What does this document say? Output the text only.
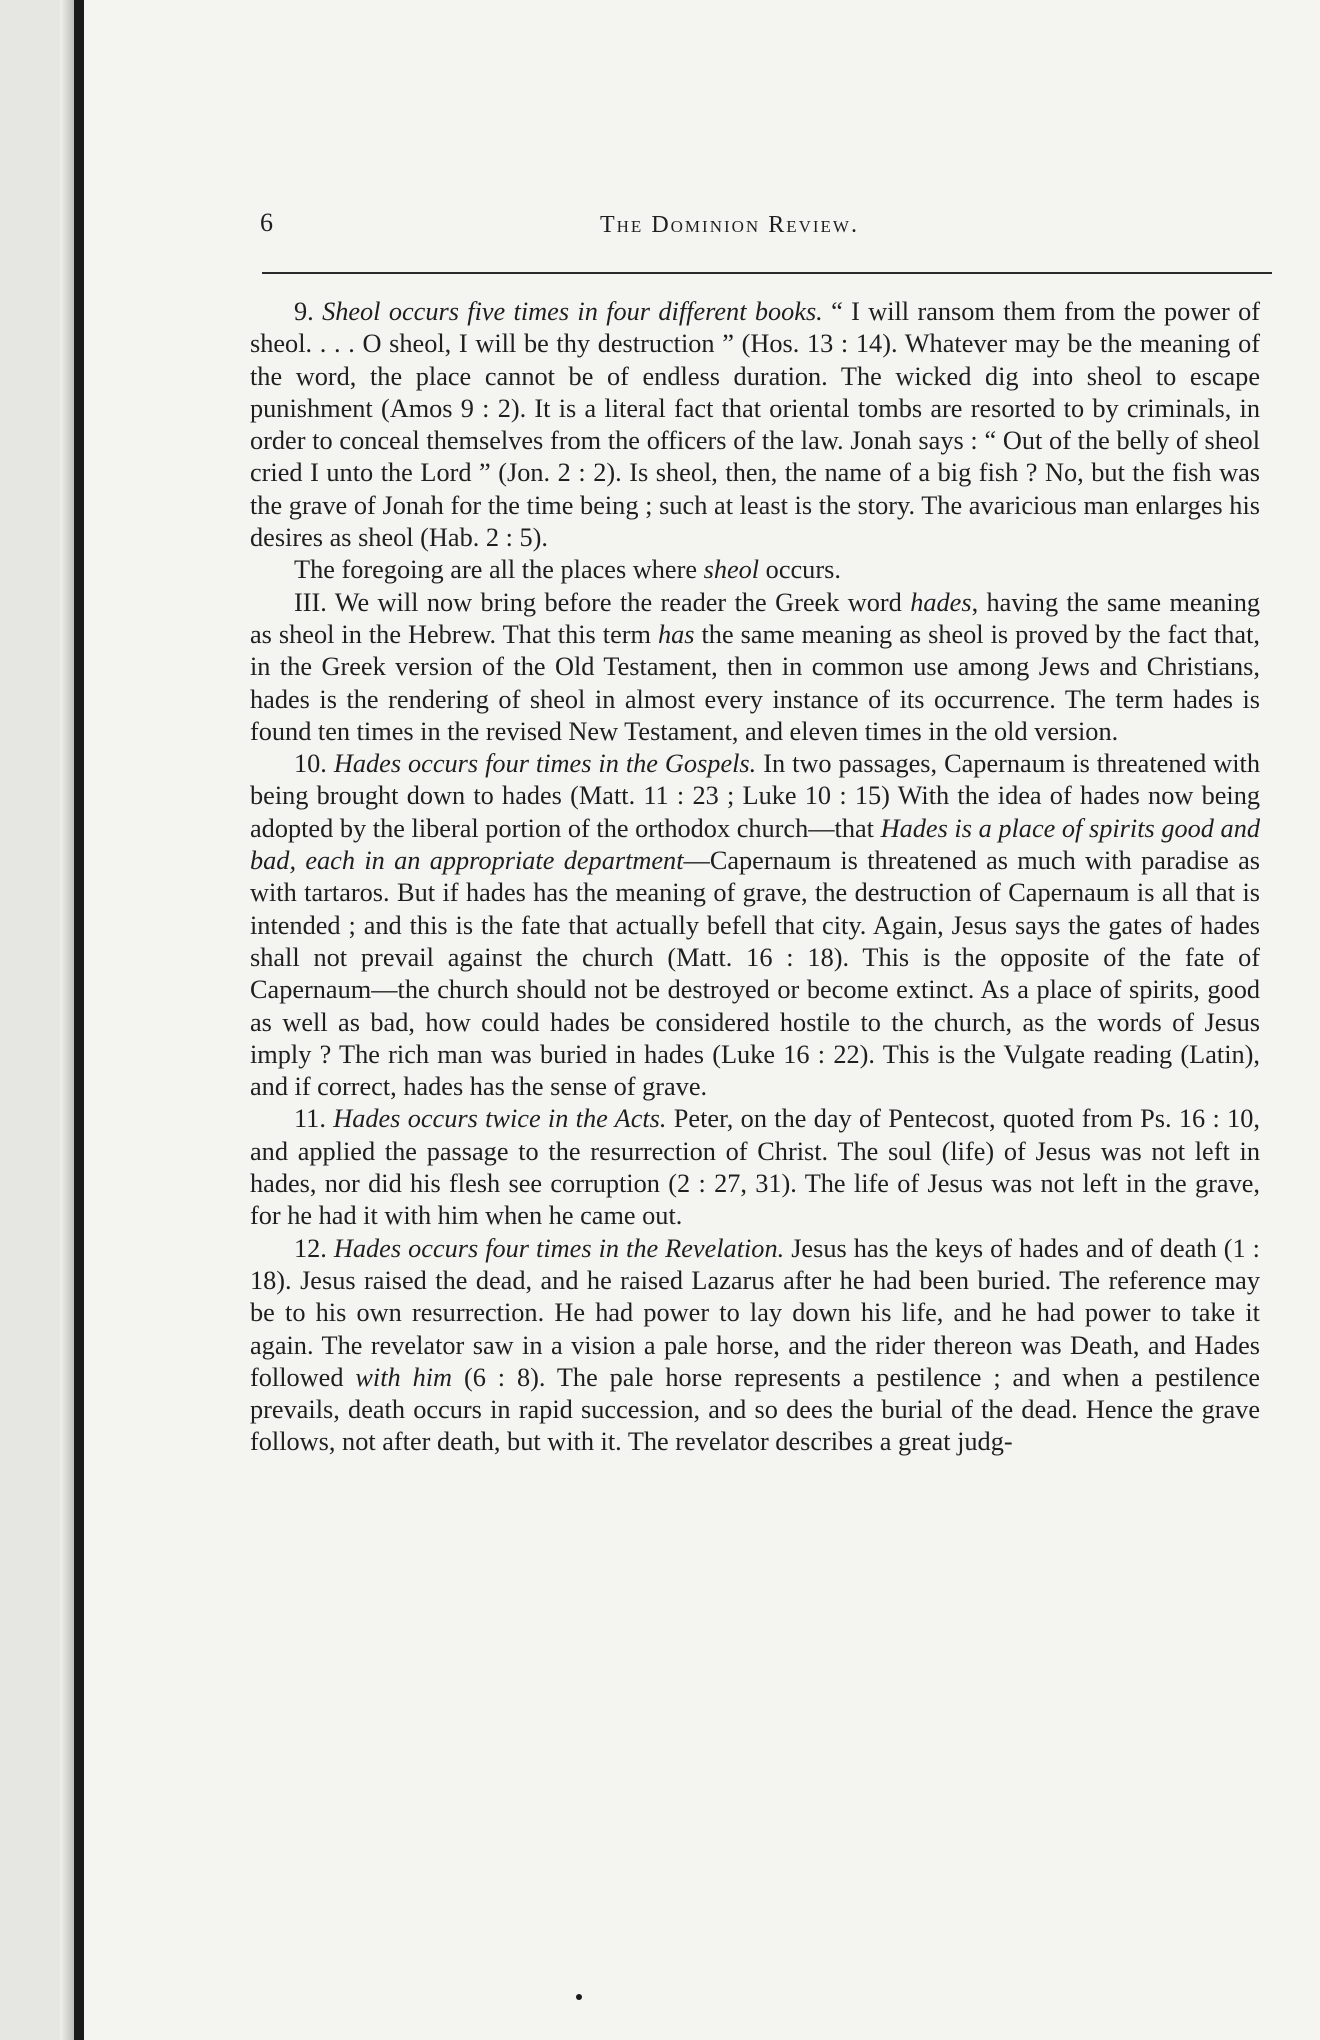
6	The Dominion Review.

9. Sheol occurs five times in four different books. “ I will ransom them from the power of sheol. . . . O sheol, I will be thy destruction ” (Hos. 13 : 14). Whatever may be the meaning of the word, the place cannot be of endless duration. The wicked dig into sheol to escape punishment (Amos 9 : 2). It is a literal fact that oriental tombs are resorted to by criminals, in order to conceal themselves from the officers of the law. Jonah says : “ Out of the belly of sheol cried I unto the Lord ” (Jon. 2 : 2). Is sheol, then, the name of a big fish ? No, but the fish was the grave of Jonah for the time being ; such at least is the story. The avaricious man enlarges his desires as sheol (Hab. 2 : 5).

The foregoing are all the places where sheol occurs.

III. We will now bring before the reader the Greek word hades, having the same meaning as sheol in the Hebrew. That this term has the same meaning as sheol is proved by the fact that, in the Greek version of the Old Testament, then in common use among Jews and Christians, hades is the rendering of sheol in almost every instance of its occurrence. The term hades is found ten times in the revised New Testament, and eleven times in the old version.

10. Hades occurs four times in the Gospels. In two passages, Capernaum is threatened with being brought down to hades (Matt. 11 : 23 ; Luke 10 : 15) With the idea of hades now being adopted by the liberal portion of the orthodox church—that Hades is a place of spirits good and bad, each in an appropriate department—Capernaum is threatened as much with paradise as with tartaros. But if hades has the meaning of grave, the destruction of Capernaum is all that is intended ; and this is the fate that actually befell that city. Again, Jesus says the gates of hades shall not prevail against the church (Matt. 16 : 18). This is the opposite of the fate of Capernaum—the church should not be destroyed or become extinct. As a place of spirits, good as well as bad, how could hades be considered hostile to the church, as the words of Jesus imply ? The rich man was buried in hades (Luke 16 : 22). This is the Vulgate reading (Latin), and if correct, hades has the sense of grave.

11. Hades occurs twice in the Acts. Peter, on the day of Pentecost, quoted from Ps. 16 : 10, and applied the passage to the resurrection of Christ. The soul (life) of Jesus was not left in hades, nor did his flesh see corruption (2 : 27, 31). The life of Jesus was not left in the grave, for he had it with him when he came out.

12. Hades occurs four times in the Revelation. Jesus has the keys of hades and of death (1 : 18). Jesus raised the dead, and he raised Lazarus after he had been buried. The reference may be to his own resurrection. He had power to lay down his life, and he had power to take it again. The revelator saw in a vision a pale horse, and the rider thereon was Death, and Hades followed with him (6 : 8). The pale horse represents a pestilence ; and when a pestilence prevails, death occurs in rapid succession, and so dees the burial of the dead. Hence the grave follows, not after death, but with it. The revelator describes a great judg-
